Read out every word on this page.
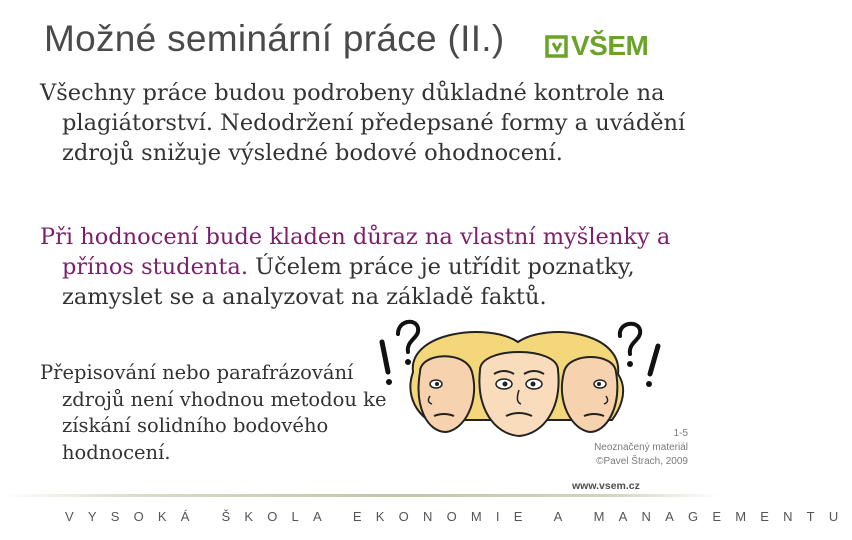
Možné seminární práce (II.) VŠEM
Všechny práce budou podrobeny důkladné kontrole na plagiátorství. Nedodržení předepsané formy a uvádění zdrojů snižuje výsledné bodové ohodnocení.
Při hodnocení bude kladen důraz na vlastní myšlenky a přínos studenta. Účelem práce je utřídit poznatky, zamyslet se a analyzovat na základě faktů.
Přepisování nebo parafrázování zdrojů není vhodnou metodou ke získání solidního bodového hodnocení.
1-5
Neoznačený materiál
©Pavel Štrach, 2009
www.vsem.cz
VYSOKÁ ŠKOLA EKONOMIE A MANAGEMENTU
